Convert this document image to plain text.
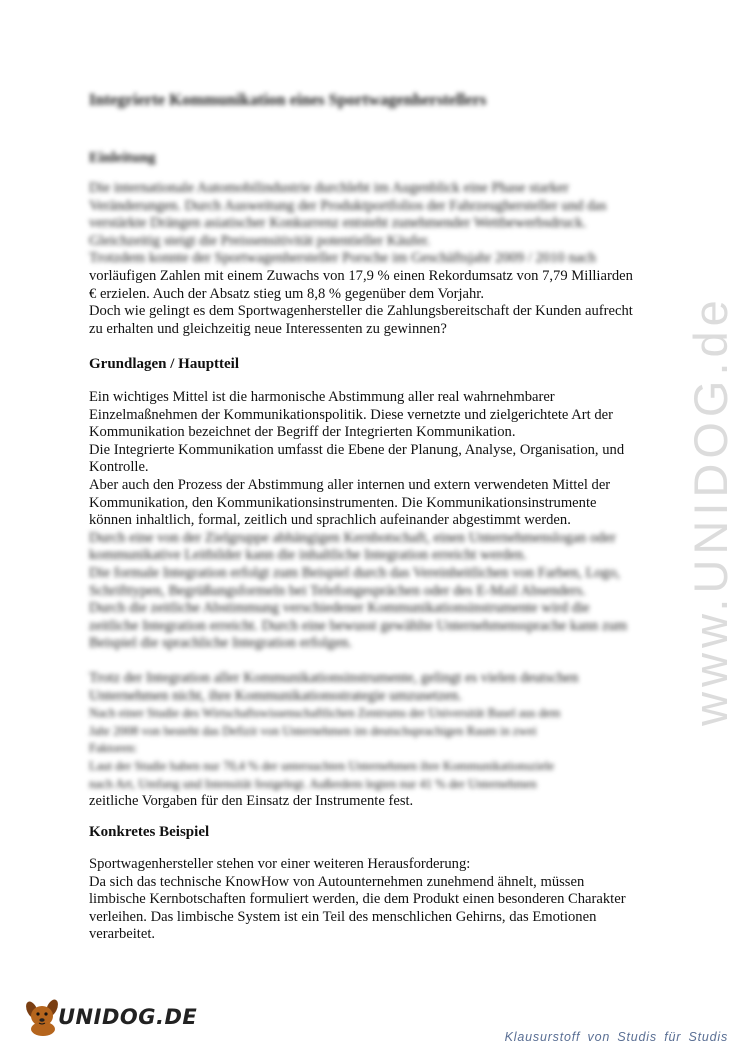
www.UNIDOG.de
Integrierte Kommunikation eines Sportwagenherstellers
Einleitung
Die internationale Automobilindustrie durchlebt im Augenblick eine Phase starker
Veränderungen. Durch Ausweitung der Produktportfolios der Fahrzeughersteller und das
verstärkte Drängen asiatischer Konkurrenz entsteht zunehmender Wettbewerbsdruck.
Gleichzeitig steigt die Preissensitivität potentieller Käufer.
Trotzdem konnte der Sportwagenhersteller Porsche im Geschäftsjahr 2009 / 2010 nach
vorläufigen Zahlen mit einem Zuwachs von 17,9 % einen Rekordumsatz von 7,79 Milliarden
€ erzielen. Auch der Absatz stieg um 8,8 % gegenüber dem Vorjahr.
Doch wie gelingt es dem Sportwagenhersteller die Zahlungsbereitschaft der Kunden aufrecht
zu erhalten und gleichzeitig neue Interessenten zu gewinnen?
Grundlagen / Hauptteil
Ein wichtiges Mittel ist die harmonische Abstimmung aller real wahrnehmbarer
Einzelmaßnehmen der Kommunikationspolitik. Diese vernetzte und zielgerichtete Art der
Kommunikation bezeichnet der Begriff der Integrierten Kommunikation.
Die Integrierte Kommunikation umfasst die Ebene der Planung, Analyse, Organisation, und
Kontrolle.
Aber auch den Prozess der Abstimmung aller internen und extern verwendeten Mittel der
Kommunikation, den Kommunikationsinstrumenten. Die Kommunikationsinstrumente
können inhaltlich, formal, zeitlich und sprachlich aufeinander abgestimmt werden.
Durch eine von der Zielgruppe abhängigen Kernbotschaft, einen Unternehmenslogan oder
kommunikative Leitbilder kann die inhaltliche Integration erreicht werden.
Die formale Integration erfolgt zum Beispiel durch das Vereinheitlichen von Farben, Logo,
Schrifttypen, Begrüßungsformeln bei Telefongesprächen oder des E-Mail Absenders.
Durch die zeitliche Abstimmung verschiedener Kommunikationsinstrumente wird die
zeitliche Integration erreicht. Durch eine bewusst gewählte Unternehmenssprache kann zum
Beispiel die sprachliche Integration erfolgen.
Trotz der Integration aller Kommunikationsinstrumente, gelingt es vielen deutschen
Unternehmen nicht, ihre Kommunikationsstrategie umzusetzen.
Nach einer Studie des Wirtschaftswissenschaftlichen Zentrums der Universität Basel aus dem
Jahr 2008 von besteht das Defizit von Unternehmen im deutschsprachigen Raum in zwei
Faktoren:
Laut der Studie haben nur 70,4 % der untersuchten Unternehmen ihre Kommunikationsziele
nach Art, Umfang und Intensität festgelegt. Außerdem legten nur 41 % der Unternehmen
zeitliche Vorgaben für den Einsatz der Instrumente fest.
Konkretes Beispiel
Sportwagenhersteller stehen vor einer weiteren Herausforderung:
Da sich das technische KnowHow von Autounternehmen zunehmend ähnelt, müssen
limbische Kernbotschaften formuliert werden, die dem Produkt einen besonderen Charakter
verleihen. Das limbische System ist ein Teil des menschlichen Gehirns, das Emotionen
verarbeitet.
UNIDOG.DE
Klausurstoff von Studis für Studis
